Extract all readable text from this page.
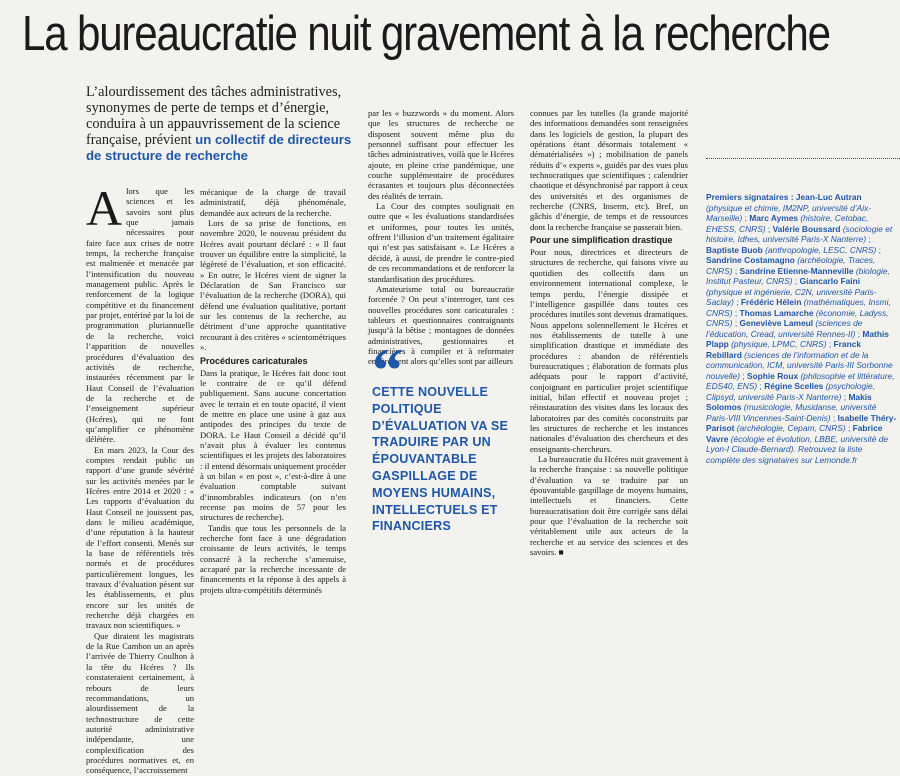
La bureaucratie nuit gravement à la recherche
L’alourdissement des tâches administratives, synonymes de perte de temps et d’énergie, conduira à un appauvrissement de la science française, prévient un collectif de directeurs de structure de recherche
A lors que les sciences et les savoirs sont plus que jamais nécessaires pour faire face aux crises de notre temps, la recherche française est malmenée et menacée par l’intensification du nouveau management public. Après le renforcement de la logique compétitive et du financement par projet, entériné par la loi de programmation pluriannuelle de la recherche, voici l’apparition de nouvelles procédures d’évaluation des activités de recherche, instaurées récemment par le Haut Conseil de l’évaluation de la recherche et de l’enseignement supérieur (Hcéres), qui ne font qu’amplifier ce phénomène délétère.

En mars 2023, la Cour des comptes rendait public un rapport d’une grande sévérité sur les activités menées par le Hcéres entre 2014 et 2020 : « Les rapports d’évaluation du Haut Conseil ne jouissent pas, dans le milieu académique, d’une réputation à la hauteur de l’effort consenti. Menés sur la base de référentiels très normés et de procédures particulièrement longues, les travaux d’évaluation pèsent sur les établissements, et plus encore sur les unités de recherche déjà chargées en travaux non scientifiques. »

Que diraient les magistrats de la Rue Cambon un an après l’arrivée de Thierry Coulhon à la tête du Hcéres ? Ils constateraient certainement, à rebours de leurs recommandations, un alourdissement de la technostructure de cette autorité administrative indépendante, une complexification des procédures normatives et, en conséquence, l’accroissement

mécanique de la charge de travail administratif, déjà phénoménale, demandée aux acteurs de la recherche.

Lors de sa prise de fonctions, en novembre 2020, le nouveau président du Hcéres avait pourtant déclaré : « Il faut trouver un équilibre entre la simplicité, la légèreté de l’évaluation, et son efficacité. » En outre, le Hcéres vient de signer la Déclaration de San Francisco sur l’évaluation de la recherche (DORA), qui défend une évaluation qualitative, portant sur les contenus de la recherche, au détriment d’une approche quantitative recourant à des critères « scientométriques ».

Procédures caricaturales

Dans la pratique, le Hcéres fait donc tout le contraire de ce qu’il défend publiquement. Sans aucune concertation avec le terrain et en toute opacité, il vient de mettre en place une usine à gaz aux antipodes des principes du texte de DORA. Le Haut Conseil a décidé qu’il n’avait plus à évaluer les contenus scientifiques et les projets des laboratoires : il entend désormais uniquement procéder à un bilan « en post », c’est-à-dire à une évaluation comptable suivant d’innombrables indicateurs (on n’en recense pas moins de 57 pour les structures de recherche).

Tandis que tous les personnels de la recherche font face à une dégradation croissante de leurs activités, le temps consacré à la recherche s’amenuise, accaparé par la recherche incessante de financements et la réponse à des appels à projets ultra-compétitifs déterminés

par les « buzzwords » du moment. Alors que les structures de recherche ne disposent souvent même plus du personnel suffisant pour effectuer les tâches administratives, voilà que le Hcéres ajoute, en pleine crise pandémique, une couche supplémentaire de procédures écrasantes et toujours plus déconnectées des réalités de terrain.

La Cour des comptes soulignait en outre que « les évaluations standardisées et uniformes, pour toutes les unités, offrent l’illusion d’un traitement égalitaire qui n’est pas satisfaisant ». Le Hcéres a décidé, à aussi, de prendre le contre-pied de ces recommandations et de renforcer la standardisation des procédures.

Amateurisme total ou bureaucratie forcenée ? On peut s’interroger, tant ces nouvelles procédures sont caricaturales : tableurs et questionnaires contraignants jusqu’à la bêtise ; montagnes de données administratives, gestionnaires et financières à compiler et à reformater entièrement alors qu’elles sont par ailleurs

“
CETTE NOUVELLE POLITIQUE D’ÉVALUATION VA SE TRADUIRE PAR UN ÉPOUVANTABLE GASPILLAGE DE MOYENS HUMAINS, INTELLECTUELS ET FINANCIERS

connues par les tutelles (la grande majorité des informations demandées sont renseignées dans les logiciels de gestion, la plupart des opérations étant désormais totalement « dématérialisées ») ; mobilisation de panels réduits d’« experts », guidés par des vues plus technocratiques que scientifiques ; calendrier chaotique et désynchronisé par rapport à ceux des universités et des organismes de recherche (CNRS, Inserm, etc). Bref, un gâchis d’énergie, de temps et de ressources dont la recherche française se passerait bien.

Pour une simplification drastique

Pour nous, directrices et directeurs de structures de recherche, qui faisons vivre au quotidien des collectifs dans un environnement international complexe, le temps perdu, l’énergie dissipée et l’intelligence gaspillée dans toutes ces procédures inutiles sont devenus dramatiques. Nous appelons solennellement le Hcéres et nos établissements de tutelle à une simplification drastique et immédiate des procédures : abandon de référentiels bureaucratiques ; élaboration de formats plus adéquats pour le rapport d’activité, conjoignant en particulier projet scientifique initial, bilan effectif et nouveau projet ; réinstauration des visites dans les locaux des laboratoires par des comités coconstruits par les structures de recherche et les instances nationales d’évaluation des chercheurs et des enseignants-chercheurs.

La bureaucratie du Hcéres nuit gravement à la recherche française : sa nouvelle politique d’évaluation va se traduire par un épouvantable gaspillage de moyens humains, intellectuels et financiers. Cette bureaucratisation doit être corrigée sans délai pour que l’évaluation de la recherche soit véritablement utile aux acteurs de la recherche et au service des sciences et des savoirs. ■

Premiers signataires : Jean-Luc Autran (physique et chimie, IM2NP, université d’Aix-Marseille) ; Marc Aymes (histoire, Cetobac, EHESS, CNRS) ; Valérie Boussard (sociologie et histoire, Idhes, université Paris-X Nanterre) ; Baptiste Buob (anthropologie, LESC, CNRS) ; Sandrine Costamagno (archéologie, Traces, CNRS) ; Sandrine Etienne-Manneville (biologie, Institut Pasteur, CNRS) ; Giancarlo Faini (physique et ingénierie, C2N, université Paris-Saclay) ; Frédéric Hélein (mathématiques, Insmi, CNRS) ; Thomas Lamarche (économie, Ladyss, CNRS) ; Geneviève Lameul (sciences de l’éducation, Cread, université Rennes-II) ; Mathis Plapp (physique, LPMC, CNRS) ; Franck Rebillard (sciences de l’information et de la communication, ICM, université Paris-III Sorbonne nouvelle) ; Sophie Roux (philosophie et littérature, EDS40, ENS) ; Régine Scelles (psychologie, Clipsyd, université Paris-X Nanterre) ; Makis Solomos (musicologie, Musidanse, université Paris-VIII Vincennes-Saint-Denis) ; Isabelle Théry-Parisot (archéologie, Cepam, CNRS) ; Fabrice Vavre (écologie et évolution, LBBE, université de Lyon-I Claude-Bernard). Retrouvez la liste complète des signataires sur Lemonde.fr
